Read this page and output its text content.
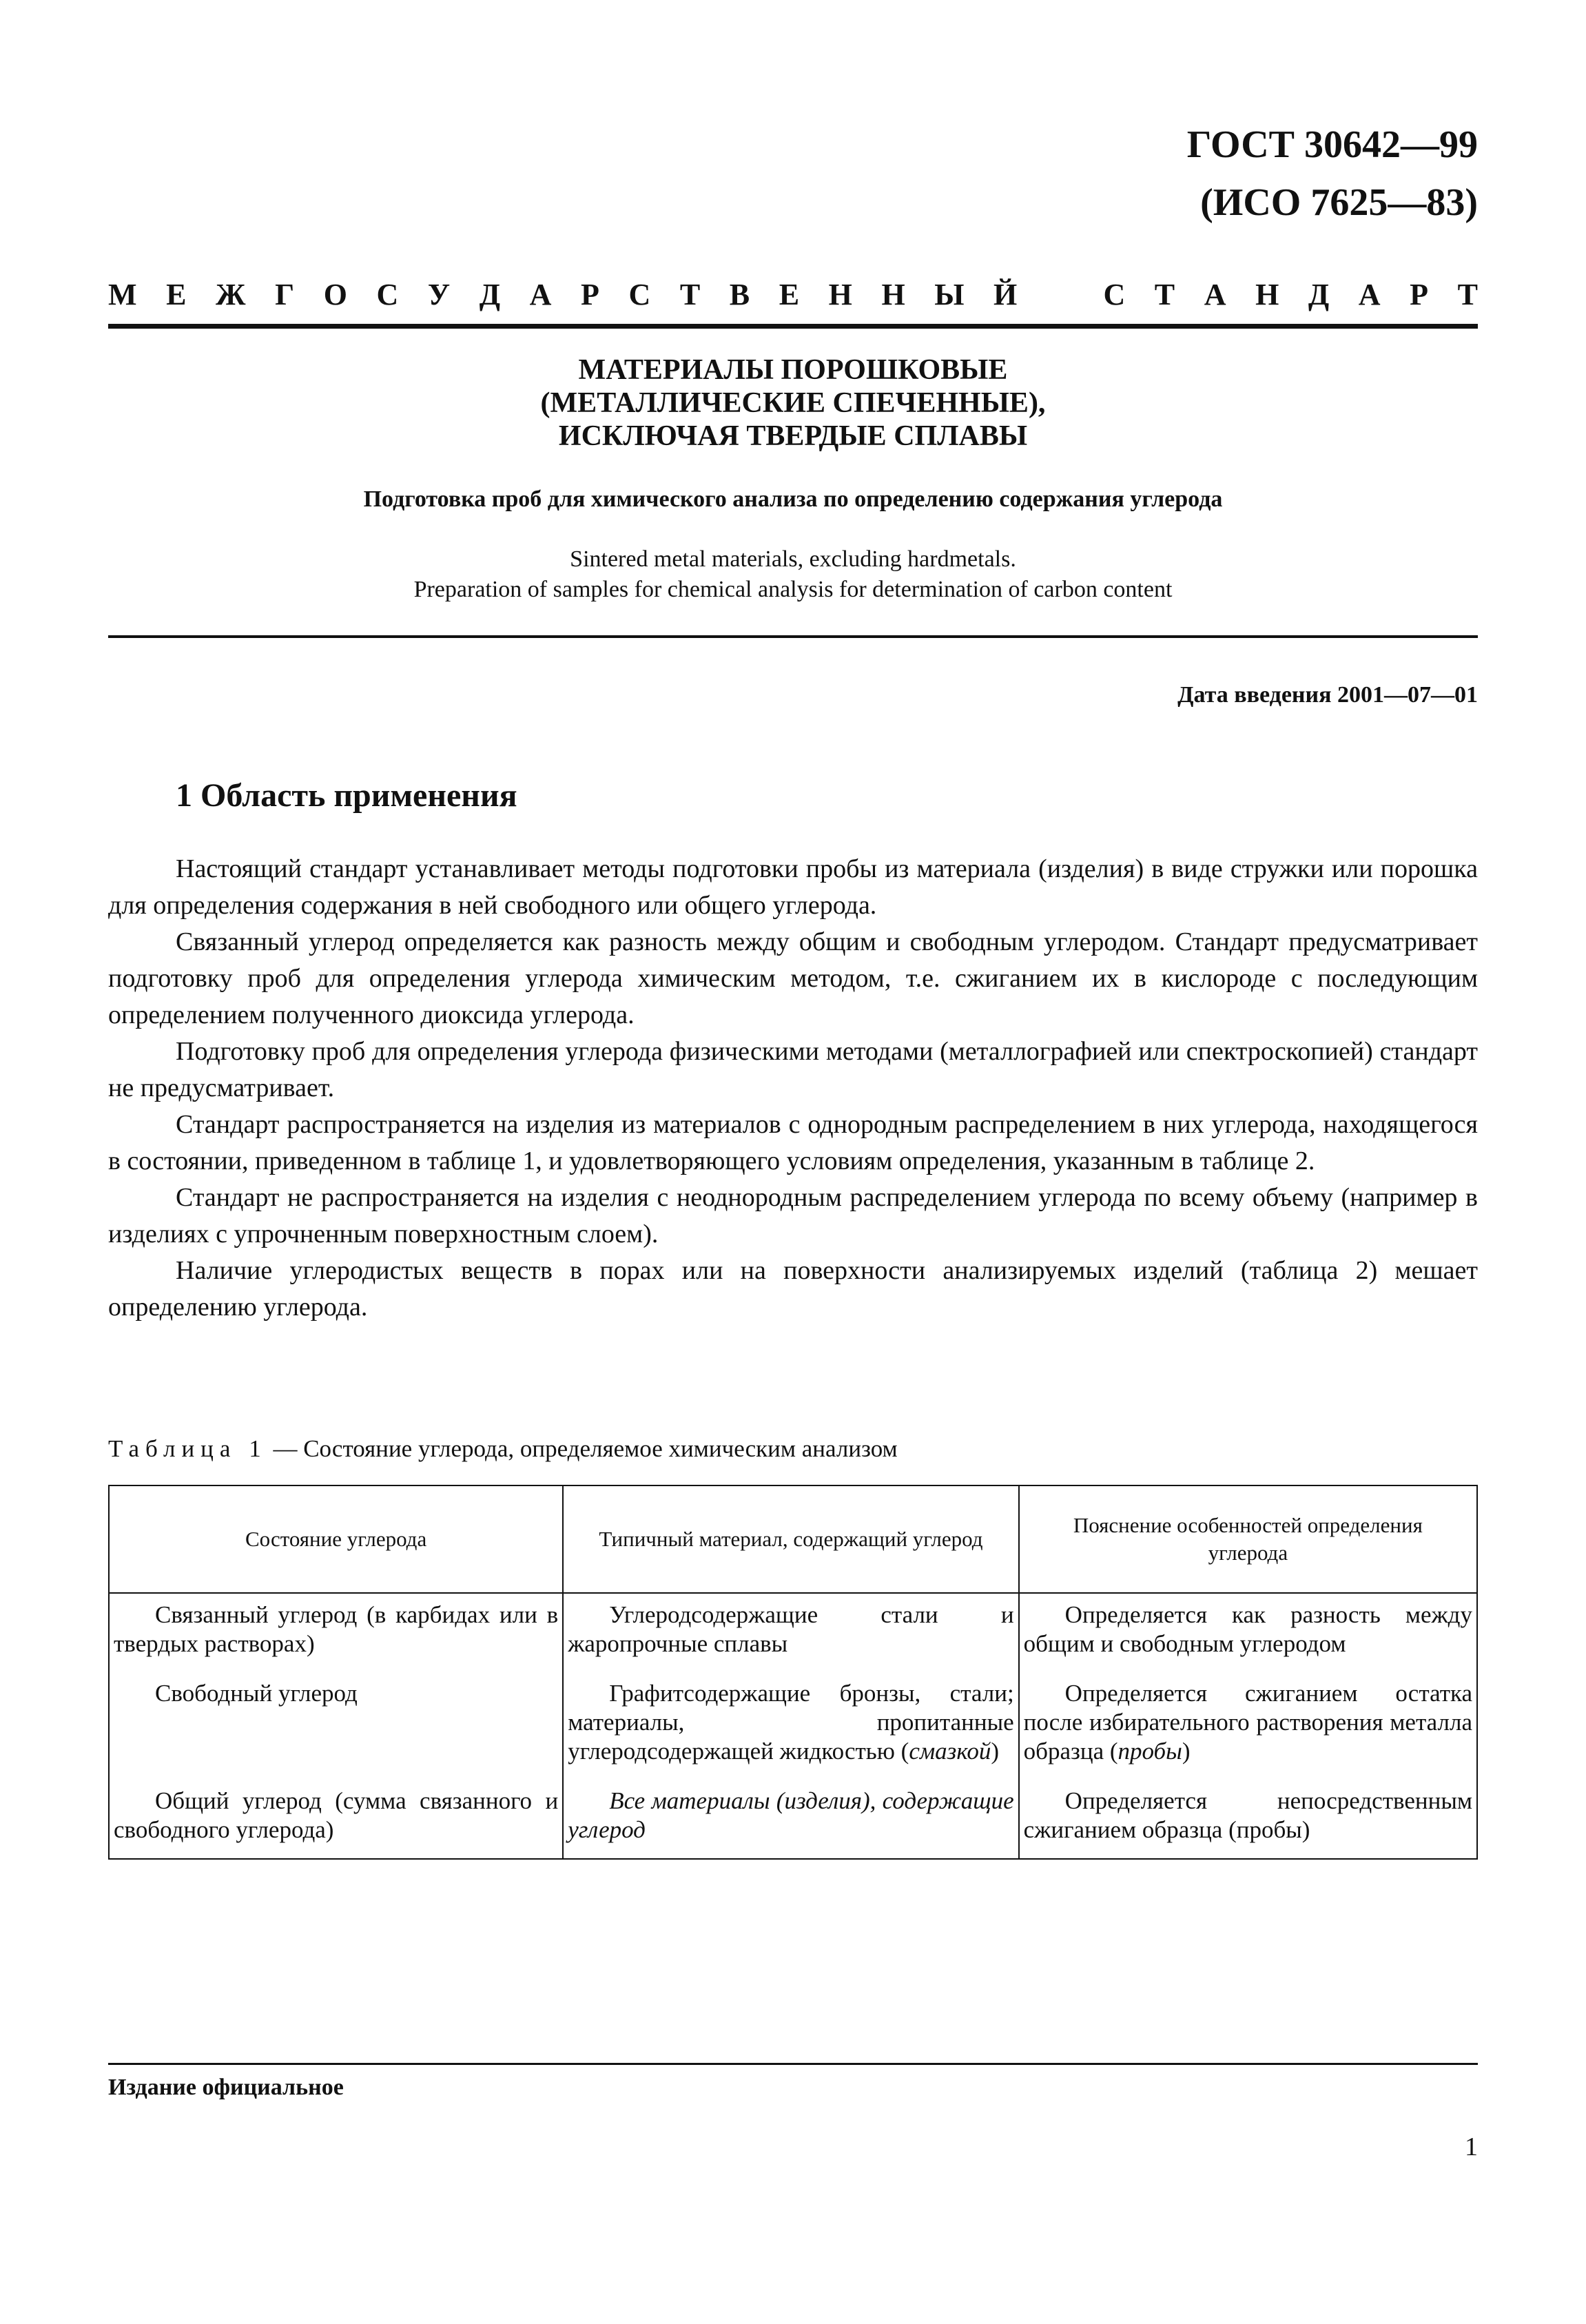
ГОСТ 30642—99
(ИСО 7625—83)
М Е Ж Г О С У Д А Р С Т В Е Н Н Ы Й	С Т А Н Д А Р Т
МАТЕРИАЛЫ ПОРОШКОВЫЕ
(МЕТАЛЛИЧЕСКИЕ СПЕЧЕННЫЕ),
ИСКЛЮЧАЯ ТВЕРДЫЕ СПЛАВЫ
Подготовка проб для химического анализа по определению содержания углерода
Sintered metal materials, excluding hardmetals.
Preparation of samples for chemical analysis for determination of carbon content
Дата введения 2001—07—01
1 Область применения

Настоящий стандарт устанавливает методы подготовки пробы из материала (изделия) в виде стружки или порошка для определения содержания в ней свободного или общего углерода.

Связанный углерод определяется как разность между общим и свободным углеродом. Стандарт предусматривает подготовку проб для определения углерода химическим методом, т.е. сжиганием их в кислороде с последующим определением полученного диоксида углерода.

Подготовку проб для определения углерода физическими методами (металлографией или спектроскопией) стандарт не предусматривает.

Стандарт распространяется на изделия из материалов с однородным распределением в них углерода, находящегося в состоянии, приведенном в таблице 1, и удовлетворяющего условиям определения, указанным в таблице 2.

Стандарт не распространяется на изделия с неоднородным распределением углерода по всему объему (например в изделиях с упрочненным поверхностным слоем).

Наличие углеродистых веществ в порах или на поверхности анализируемых изделий (таблица 2) мешает определению углерода.

Таблица 1 — Состояние углерода, определяемое химическим анализом
Состояние углерода	Типичный материал, содержащий углерод	Пояснение особенностей определения углерода

Связанный углерод (в карбидах или в твердых растворах)	Углеродсодержащие стали и жаропрочные сплавы	Определяется как разность между общим и свободным углеродом

Свободный углерод	Графитсодержащие бронзы, стали; материалы, пропитанные углеродсодержащей жидкостью (смазкой)	Определяется сжиганием остатка после избирательного растворения металла образца (пробы)

Общий углерод (сумма связанного и свободного углерода)	Все материалы (изделия), содержащие углерод	Определяется непосредственным сжиганием образца (пробы)
Издание официальное
1
